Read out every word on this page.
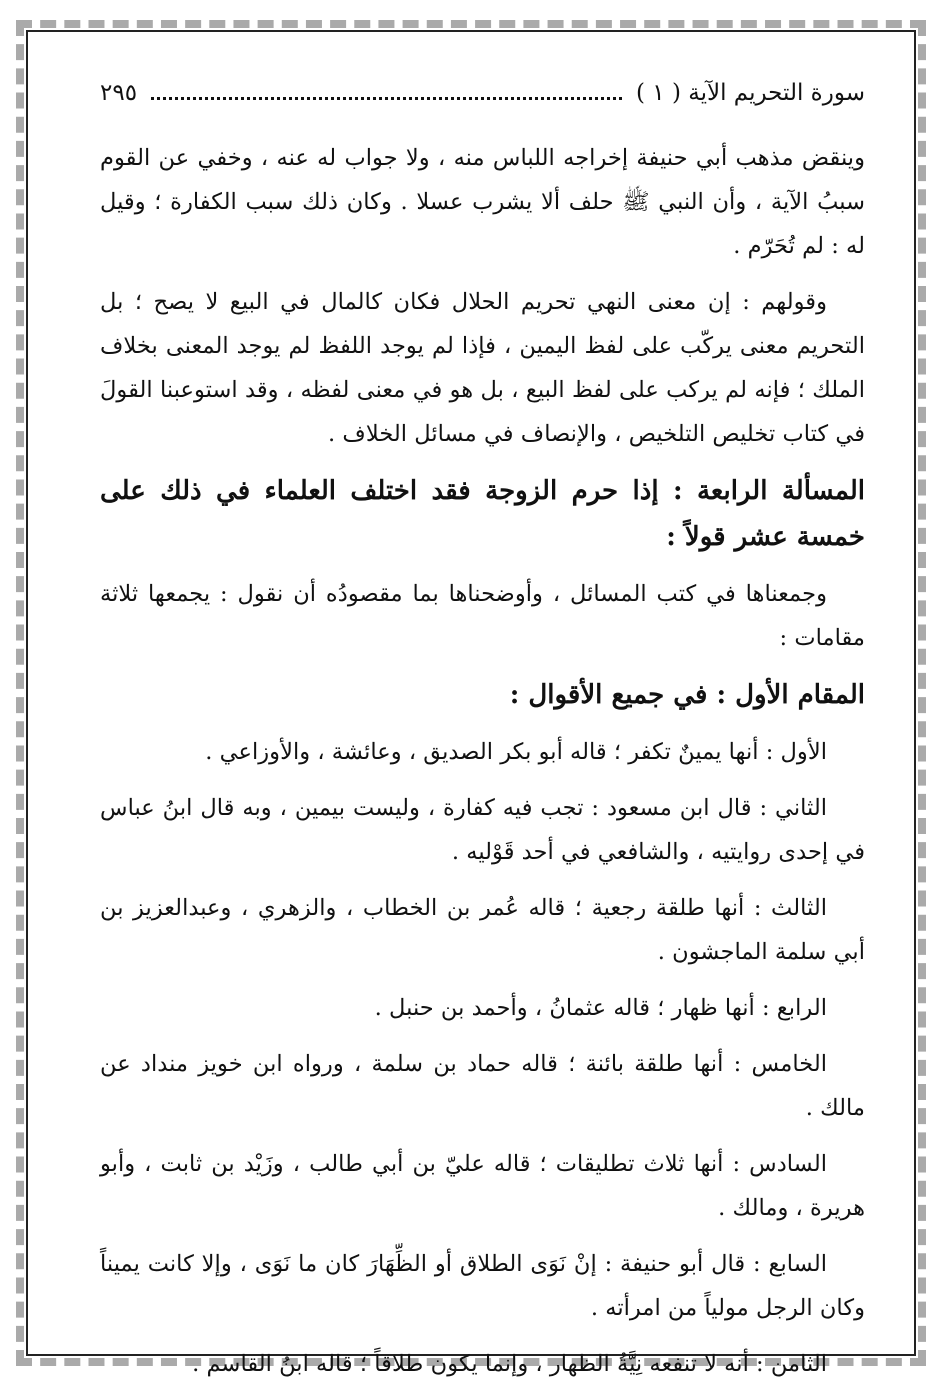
سورة التحريم الآية ( ١ )
٢٩٥

وينقض مذهب أبي حنيفة إخراجه اللباس منه ، ولا جواب له عنه ، وخفي عن القوم سببُ الآية ، وأن النبي ﷺ حلف ألا يشرب عسلا . وكان ذلك سبب الكفارة ؛ وقيل له : لم تُحَرّم .

وقولهم : إن معنى النهي تحريم الحلال فكان كالمال في البيع لا يصح ؛ بل التحريم معنى يركّب على لفظ اليمين ، فإذا لم يوجد اللفظ لم يوجد المعنى بخلاف الملك ؛ فإنه لم يركب على لفظ البيع ، بل هو في معنى لفظه ، وقد استوعبنا القولَ في كتاب تخليص التلخيص ، والإنصاف في مسائل الخلاف .

المسألة الرابعة : إذا حرم الزوجة فقد اختلف العلماء في ذلك على خمسة عشر قولاً :

وجمعناها في كتب المسائل ، وأوضحناها بما مقصودُه أن نقول : يجمعها ثلاثة مقامات :

المقام الأول : في جميع الأقوال :

الأول : أنها يمينٌ تكفر ؛ قاله أبو بكر الصديق ، وعائشة ، والأوزاعي .

الثاني : قال ابن مسعود : تجب فيه كفارة ، وليست بيمين ، وبه قال ابنُ عباس في إحدى روايتيه ، والشافعي في أحد قَوْليه .

الثالث : أنها طلقة رجعية ؛ قاله عُمر بن الخطاب ، والزهري ، وعبدالعزيز بن أبي سلمة الماجشون .

الرابع : أنها ظهار ؛ قاله عثمانُ ، وأحمد بن حنبل .

الخامس : أنها طلقة بائنة ؛ قاله حماد بن سلمة ، ورواه ابن خويز منداد عن مالك .

السادس : أنها ثلاث تطليقات ؛ قاله عليّ بن أبي طالب ، وزَيْد بن ثابت ، وأبو هريرة ، ومالك .

السابع : قال أبو حنيفة : إنْ نَوَى الطلاق أو الظِّهَارَ كان ما نَوَى ، وإلا كانت يميناً وكان الرجل مولياً من امرأته .

الثامن : أنه لا تنفعه نِيَّةُ الظهار ، وإنما يكون طلاقاً ؛ قاله ابنُ القاسم .
